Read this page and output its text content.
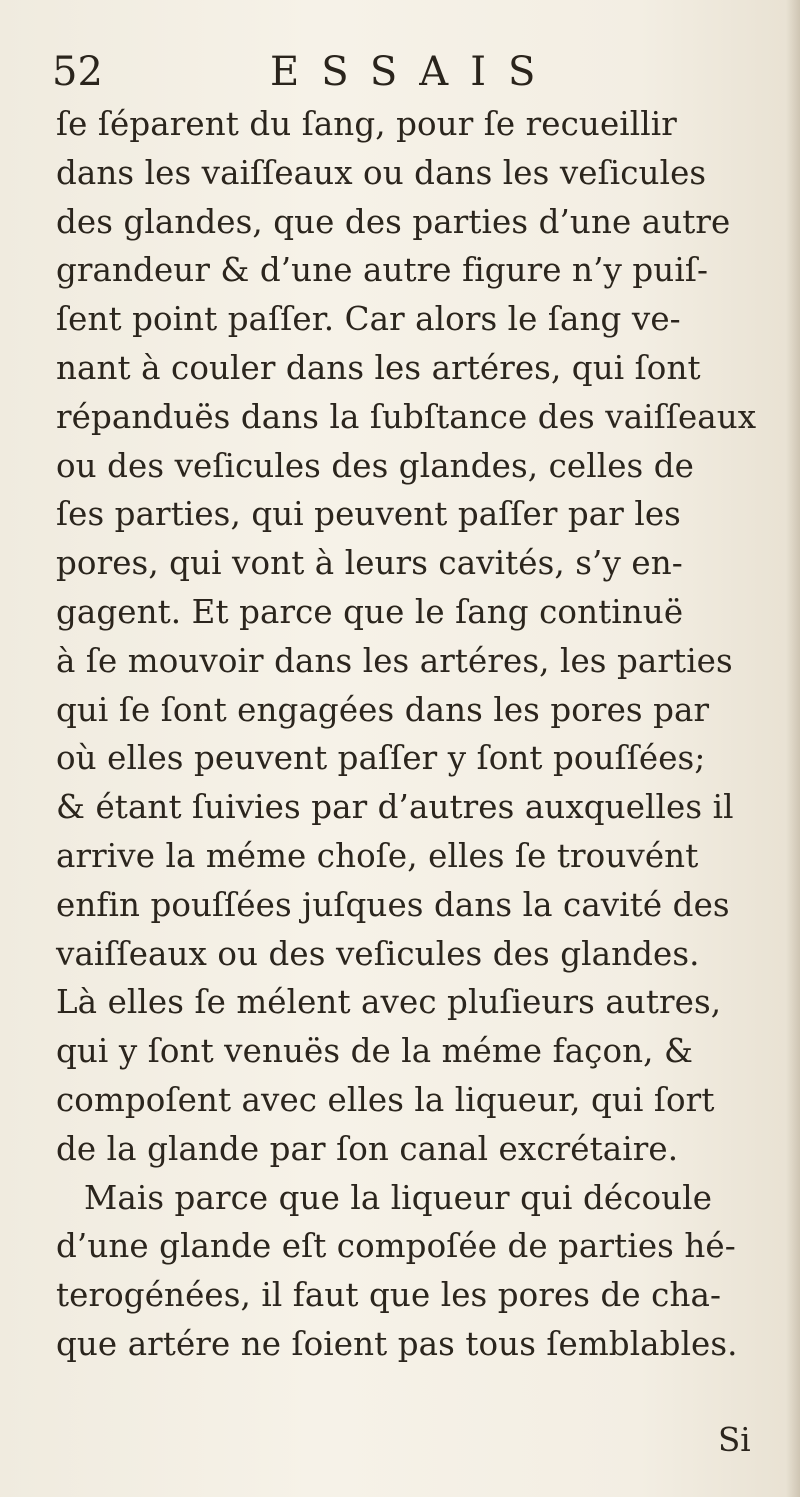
52	ESSAIS
ſe ſéparent du ſang, pour ſe recueillir
dans les vaiſſeaux ou dans les veſicules
des glandes, que des parties d’une autre
grandeur & d’une autre figure n’y puiſ-
ſent point paſſer. Car alors le ſang ve-
nant à couler dans les artéres, qui ſont
répanduës dans la ſubſtance des vaiſſeaux
ou des veſicules des glandes, celles de
ſes parties, qui peuvent paſſer par les
pores, qui vont à leurs cavités, s’y en-
gagent. Et parce que le ſang continuë
à ſe mouvoir dans les artéres, les parties
qui ſe ſont engagées dans les pores par
où elles peuvent paſſer y ſont pouſſées;
& étant ſuivies par d’autres auxquelles il
arrive la méme choſe, elles ſe trouvént
enfin pouſſées juſques dans la cavité des
vaiſſeaux ou des veſicules des glandes.
Là elles ſe mélent avec pluſieurs autres,
qui y ſont venuës de la méme façon, &
compoſent avec elles la liqueur, qui ſort
de la glande par ſon canal excrétaire.
Mais parce que la liqueur qui découle
d’une glande eſt compoſée de parties hé-
terogénées, il faut que les pores de cha-
que artére ne ſoient pas tous ſemblables.
Si
